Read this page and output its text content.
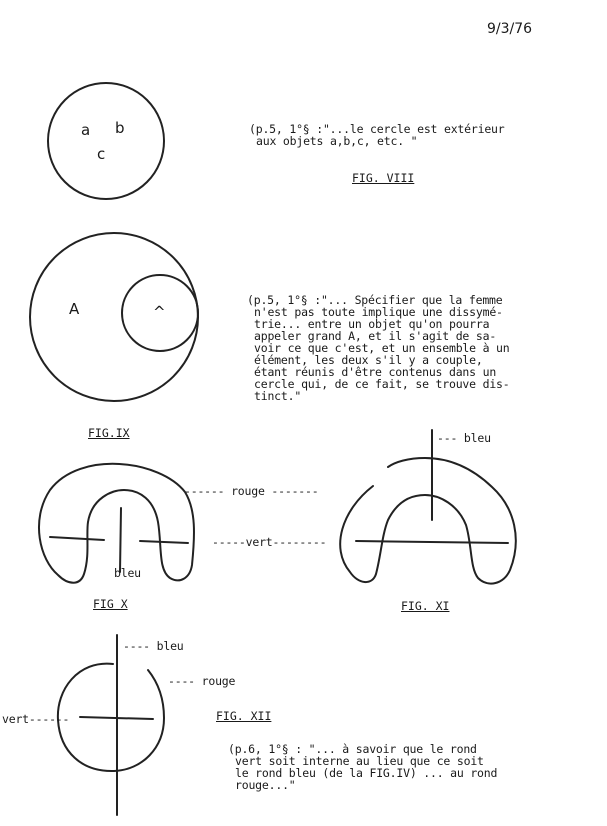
9/3/76
a b
c
(p.5, 1°§ :"...le cercle est extérieur
aux objets a,b,c, etc. "
FIG. VIII
A	^
(p.5, 1°§ :"... Spécifier que la femme
n'est pas toute implique une dissymé-
trie... entre un objet qu'on pourra
appeler grand A, et il s'agit de sa-
voir ce que c'est, et un ensemble à un
élément, les deux s'il y a couple,
étant réunis d'être contenus dans un
cercle qui, de ce fait, se trouve dis-
tinct."
FIG.IX
------ rouge -------
-----vert--------
bleu
FIG X
--- bleu
FIG. XI
---- bleu
---- rouge
vert------	FIG. XII
(p.6, 1°§ : "... à savoir que le rond
vert soit interne au lieu que ce soit
le rond bleu (de la FIG.IV) ... au rond
rouge..."
